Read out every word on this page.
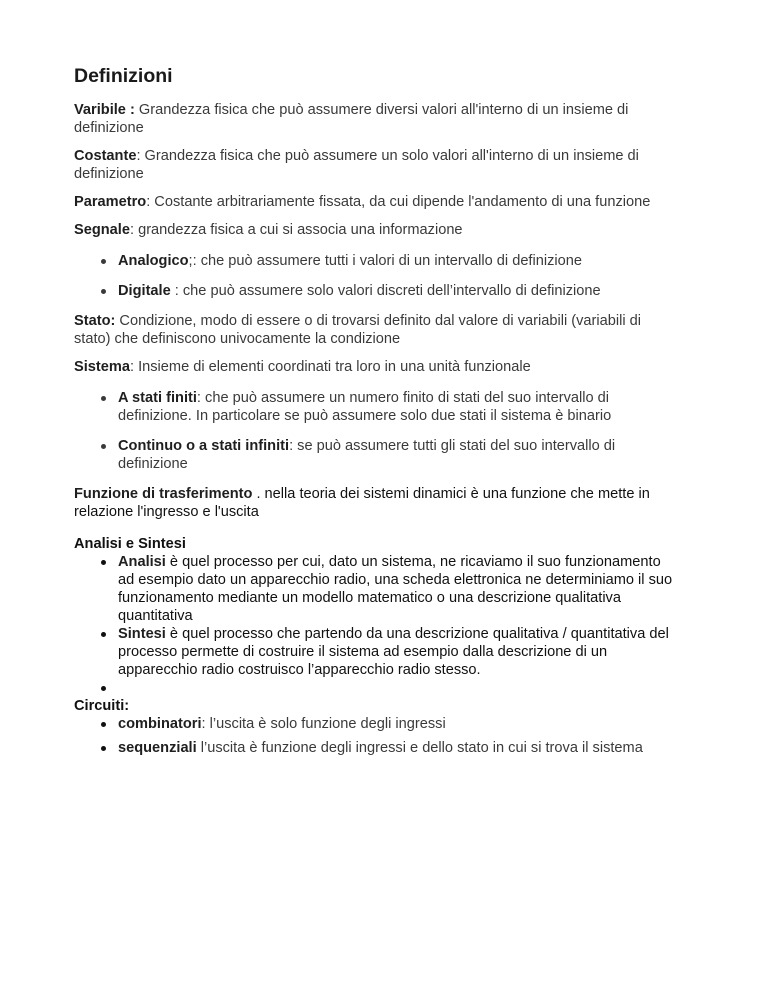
Definizioni

Varibile : Grandezza fisica che può assumere diversi valori all'interno di un insieme di definizione

Costante: Grandezza fisica che può assumere un solo valori all'interno di un insieme di definizione

Parametro: Costante arbitrariamente fissata, da cui dipende l'andamento di una funzione

Segnale: grandezza fisica a cui si associa una informazione

Analogico;: che può assumere tutti i valori di un intervallo di definizione
Digitale : che può assumere solo valori discreti dell’intervallo di definizione

Stato: Condizione, modo di essere o di trovarsi definito dal valore di variabili (variabili di stato) che definiscono univocamente la condizione

Sistema: Insieme di elementi coordinati tra loro in una unità funzionale

A stati finiti: che può assumere un numero finito di stati del suo intervallo di definizione. In particolare se può assumere solo due stati il sistema è binario
Continuo o a stati infiniti: se può assumere tutti gli stati del suo intervallo di definizione

Funzione di trasferimento . nella teoria dei sistemi dinamici è una funzione che mette in relazione l'ingresso e l'uscita

Analisi e Sintesi

Analisi è quel processo per cui, dato un sistema, ne ricaviamo il suo funzionamento ad esempio dato un apparecchio radio, una scheda elettronica ne determiniamo il suo funzionamento mediante un modello matematico o una descrizione qualitativa quantitativa
Sintesi è quel processo che partendo da una descrizione qualitativa / quantitativa del processo permette di costruire il sistema ad esempio dalla descrizione di un apparecchio radio costruisco l’apparecchio radio stesso.

Circuiti:

combinatori: l’uscita è solo funzione degli ingressi
sequenziali l’uscita è funzione degli ingressi e dello stato in cui si trova il sistema
